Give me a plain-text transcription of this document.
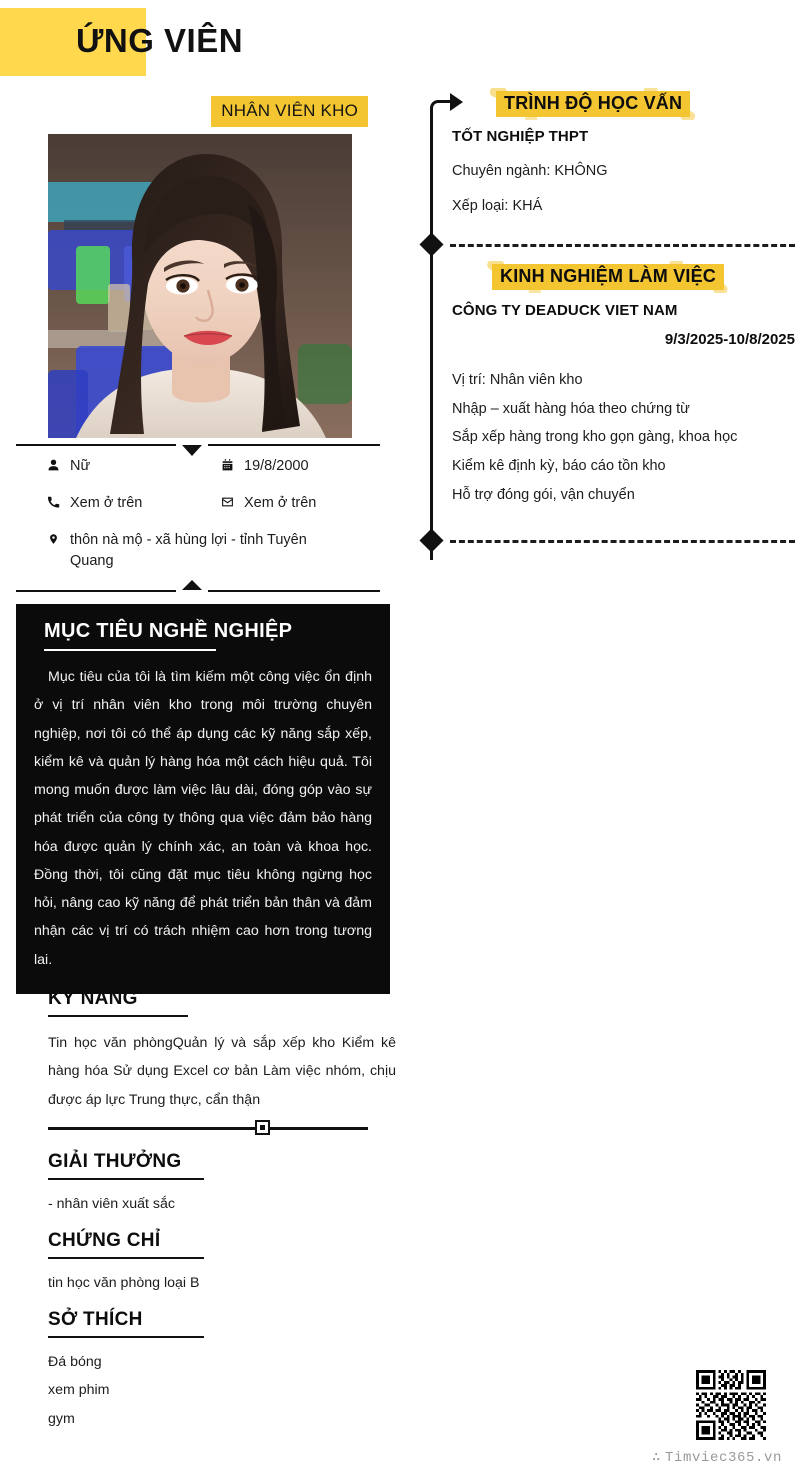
ỨNG VIÊN
NHÂN VIÊN KHO
Nữ	19/8/2000
Xem ở trên	Xem ở trên
thôn nà mộ - xã hùng lợi - tỉnh Tuyên Quang
MỤC TIÊU NGHỀ NGHIỆP
Mục tiêu của tôi là tìm kiếm một công việc ổn định ở vị trí nhân viên kho trong môi trường chuyên nghiệp, nơi tôi có thể áp dụng các kỹ năng sắp xếp, kiểm kê và quản lý hàng hóa một cách hiệu quả. Tôi mong muốn được làm việc lâu dài, đóng góp vào sự phát triển của công ty thông qua việc đảm bảo hàng hóa được quản lý chính xác, an toàn và khoa học. Đồng thời, tôi cũng đặt mục tiêu không ngừng học hỏi, nâng cao kỹ năng để phát triển bản thân và đảm nhận các vị trí có trách nhiệm cao hơn trong tương lai.
KỸ NĂNG
Tin học văn phòngQuản lý và sắp xếp kho Kiểm kê hàng hóa Sử dụng Excel cơ bản Làm việc nhóm, chịu được áp lực Trung thực, cẩn thận
GIẢI THƯỞNG
- nhân viên xuất sắc
CHỨNG CHỈ
tin học văn phòng loại B
SỞ THÍCH
Đá bóng
xem phim
gym
TRÌNH ĐỘ HỌC VẤN
TỐT NGHIỆP THPT
Chuyên ngành: KHÔNG
Xếp loại: KHÁ
KINH NGHIỆM LÀM VIỆC
CÔNG TY DEADUCK VIET NAM
9/3/2025-10/8/2025
Vị trí: Nhân viên kho
Nhập – xuất hàng hóa theo chứng từ
Sắp xếp hàng trong kho gọn gàng, khoa học
Kiểm kê định kỳ, báo cáo tồn kho
Hỗ trợ đóng gói, vận chuyển
∴ Timviec365.vn
